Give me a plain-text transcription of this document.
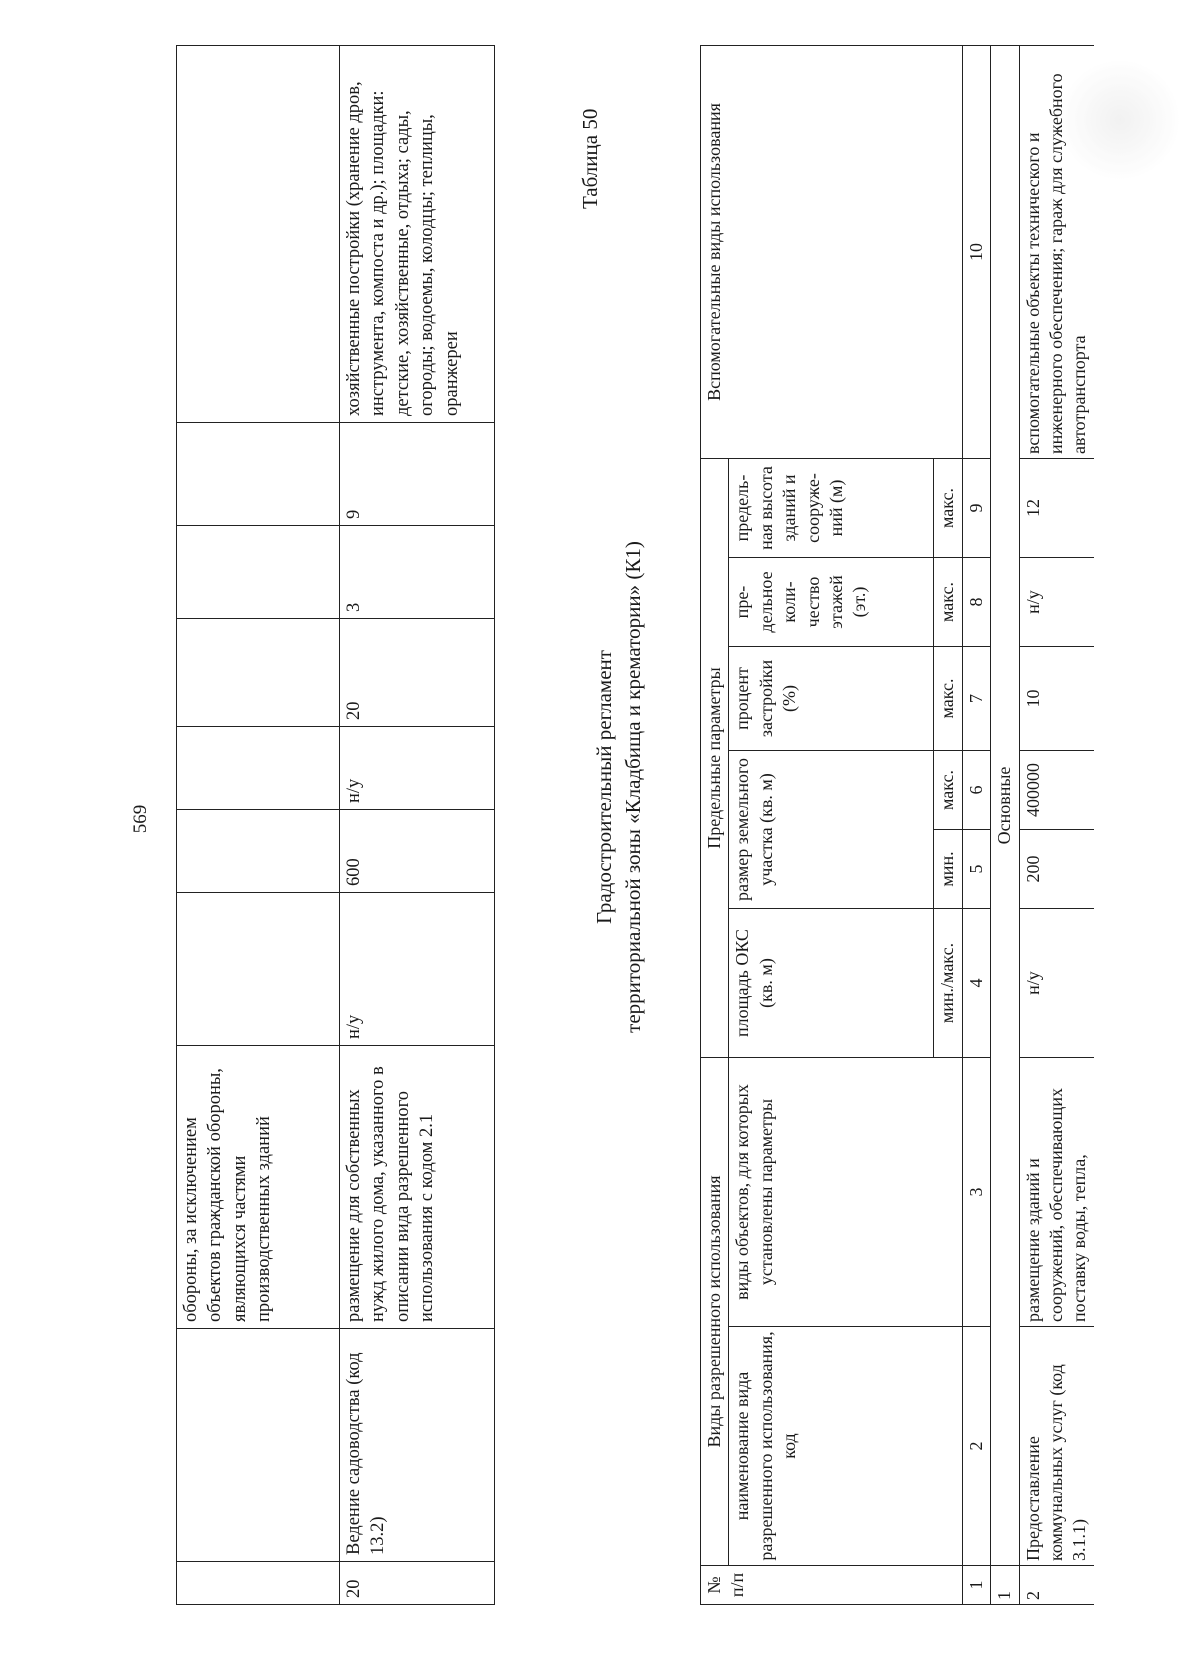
569
		обороны, за исключением объектов гражданской обороны, являющихся частями производственных зданий							
20	Ведение садоводства (код 13.2)	размещение для собственных нужд жилого дома, указанного в описании вида разрешенного использования с кодом 2.1	н/у	600	н/у	20	3	9	хозяйственные постройки (хранение дров, инструмента, компоста и др.); площадки: детские, хозяйственные, отдыха; сады, огороды; водоемы, колодцы; теплицы, оранжереи
Таблица 50
Градостроительный регламент территориальной зоны «Кладбища и крематории» (К1)
№ п/п	Виды разрешенного использования		Предельные параметры						Вспомогательные виды использования
	наименование вида разрешенного использования, код	виды объектов, для которых установлены параметры	площадь ОКС (кв. м)	размер земельного участка (кв. м)		процент застройки (%)	пре-дельное коли-чество этажей (эт.)	предель-ная высота зданий и сооруже-ний (м)	
			мин./макс.	мин.	макс.	макс.	макс.	макс.	
1	2	3	4	5	6	7	8	9	10
1	Основные								
2	Предоставление коммунальных услуг (код 3.1.1)	размещение зданий и сооружений, обеспечивающих поставку воды, тепла,	н/у	200	400000	10	н/у	12	вспомогательные объекты технического и инженерного обеспечения; гараж для служебного автотранспорта
